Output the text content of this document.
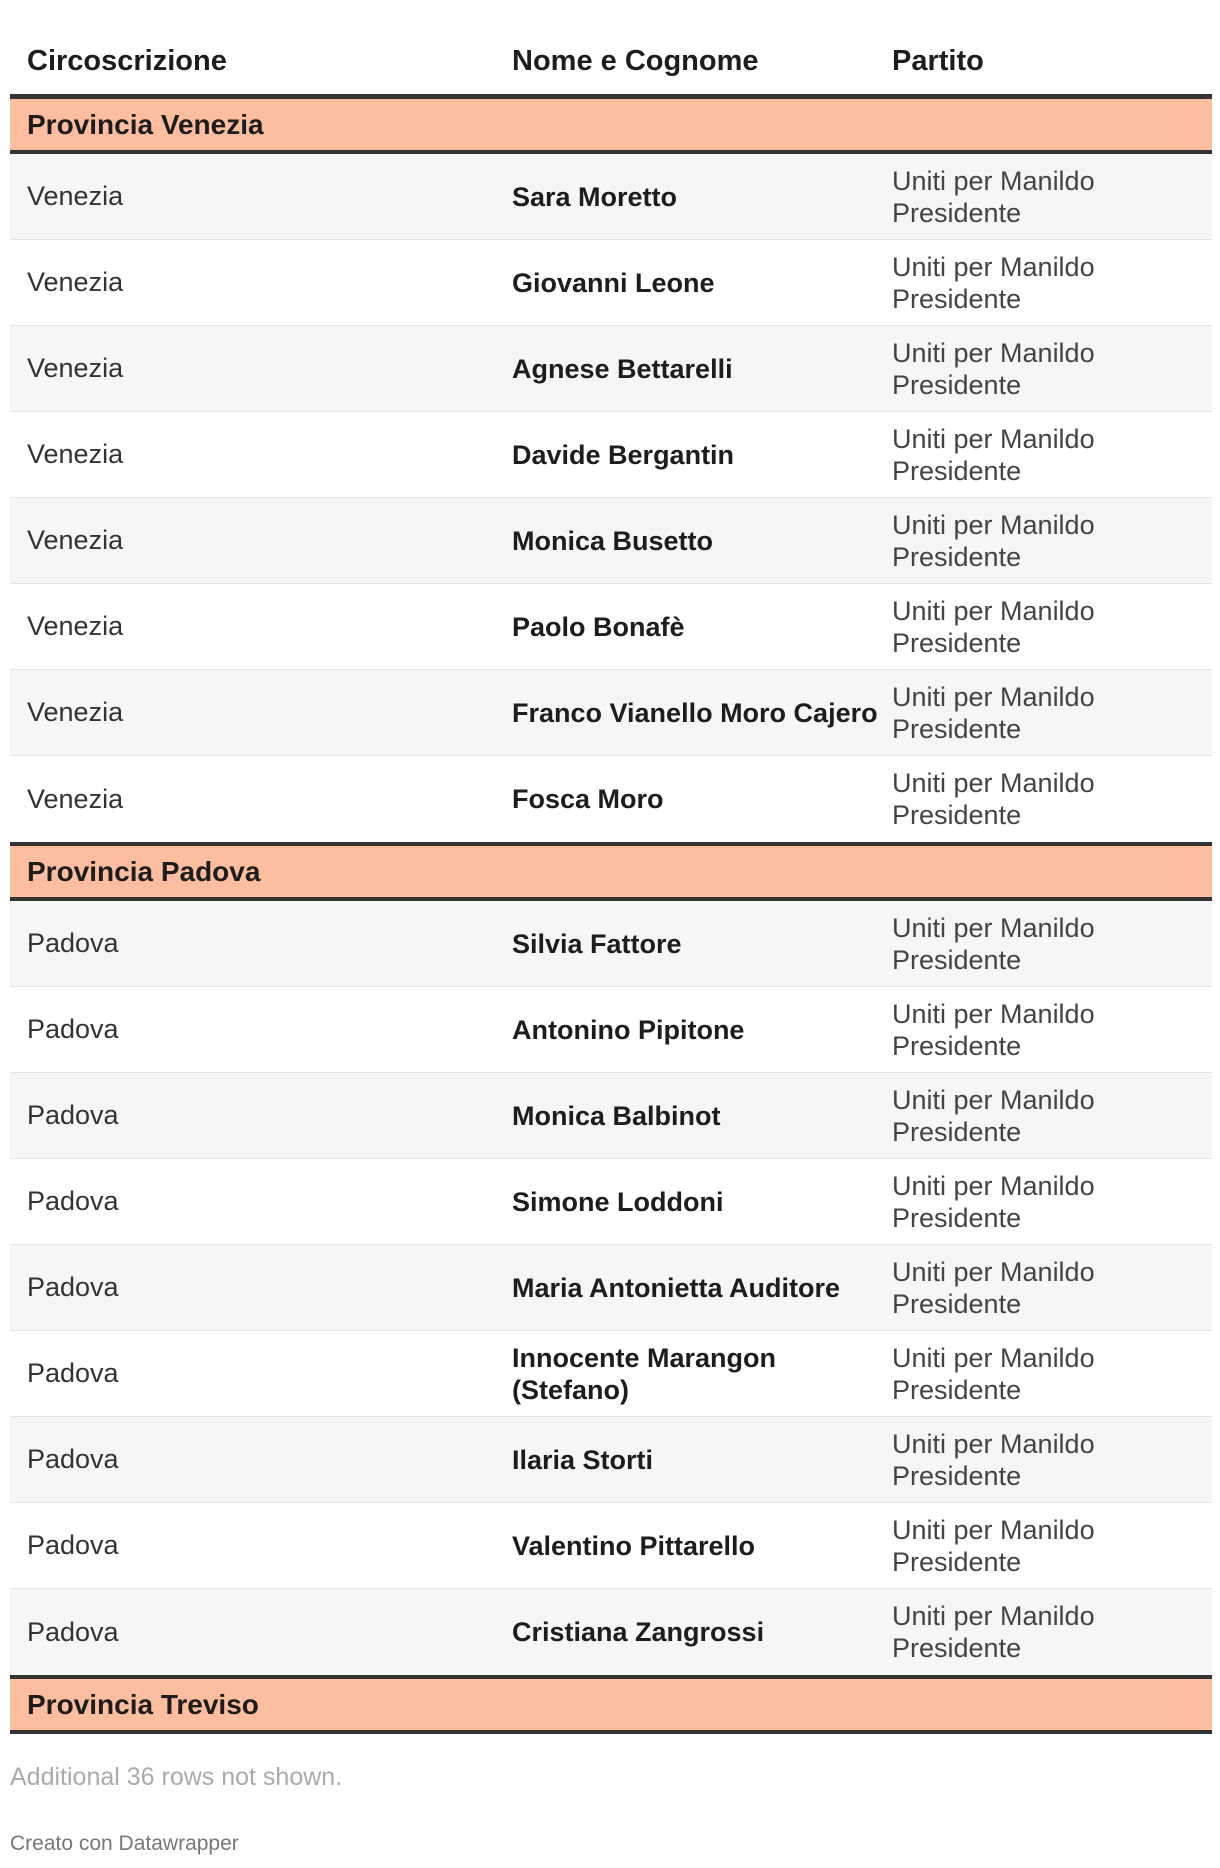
Circoscrizione	Nome e Cognome	Partito
Provincia Venezia
Venezia	Sara Moretto
Uniti per Manildo Presidente
Venezia	Giovanni Leone
Uniti per Manildo Presidente
Venezia	Agnese Bettarelli
Uniti per Manildo Presidente
Venezia	Davide Bergantin
Uniti per Manildo Presidente
Venezia	Monica Busetto
Uniti per Manildo Presidente
Venezia	Paolo Bonafè
Uniti per Manildo Presidente
Venezia	Franco Vianello Moro Cajero
Uniti per Manildo Presidente
Venezia	Fosca Moro
Uniti per Manildo Presidente
Provincia Padova
Padova	Silvia Fattore
Uniti per Manildo Presidente
Padova	Antonino Pipitone
Uniti per Manildo Presidente
Padova	Monica Balbinot
Uniti per Manildo Presidente
Padova	Simone Loddoni
Uniti per Manildo Presidente
Padova	Maria Antonietta Auditore
Uniti per Manildo Presidente
Padova
Innocente Marangon (Stefano)
Uniti per Manildo Presidente
Padova	Ilaria Storti
Uniti per Manildo Presidente
Padova	Valentino Pittarello
Uniti per Manildo Presidente
Padova	Cristiana Zangrossi
Uniti per Manildo Presidente
Provincia Treviso
Additional 36 rows not shown.
Creato con Datawrapper
